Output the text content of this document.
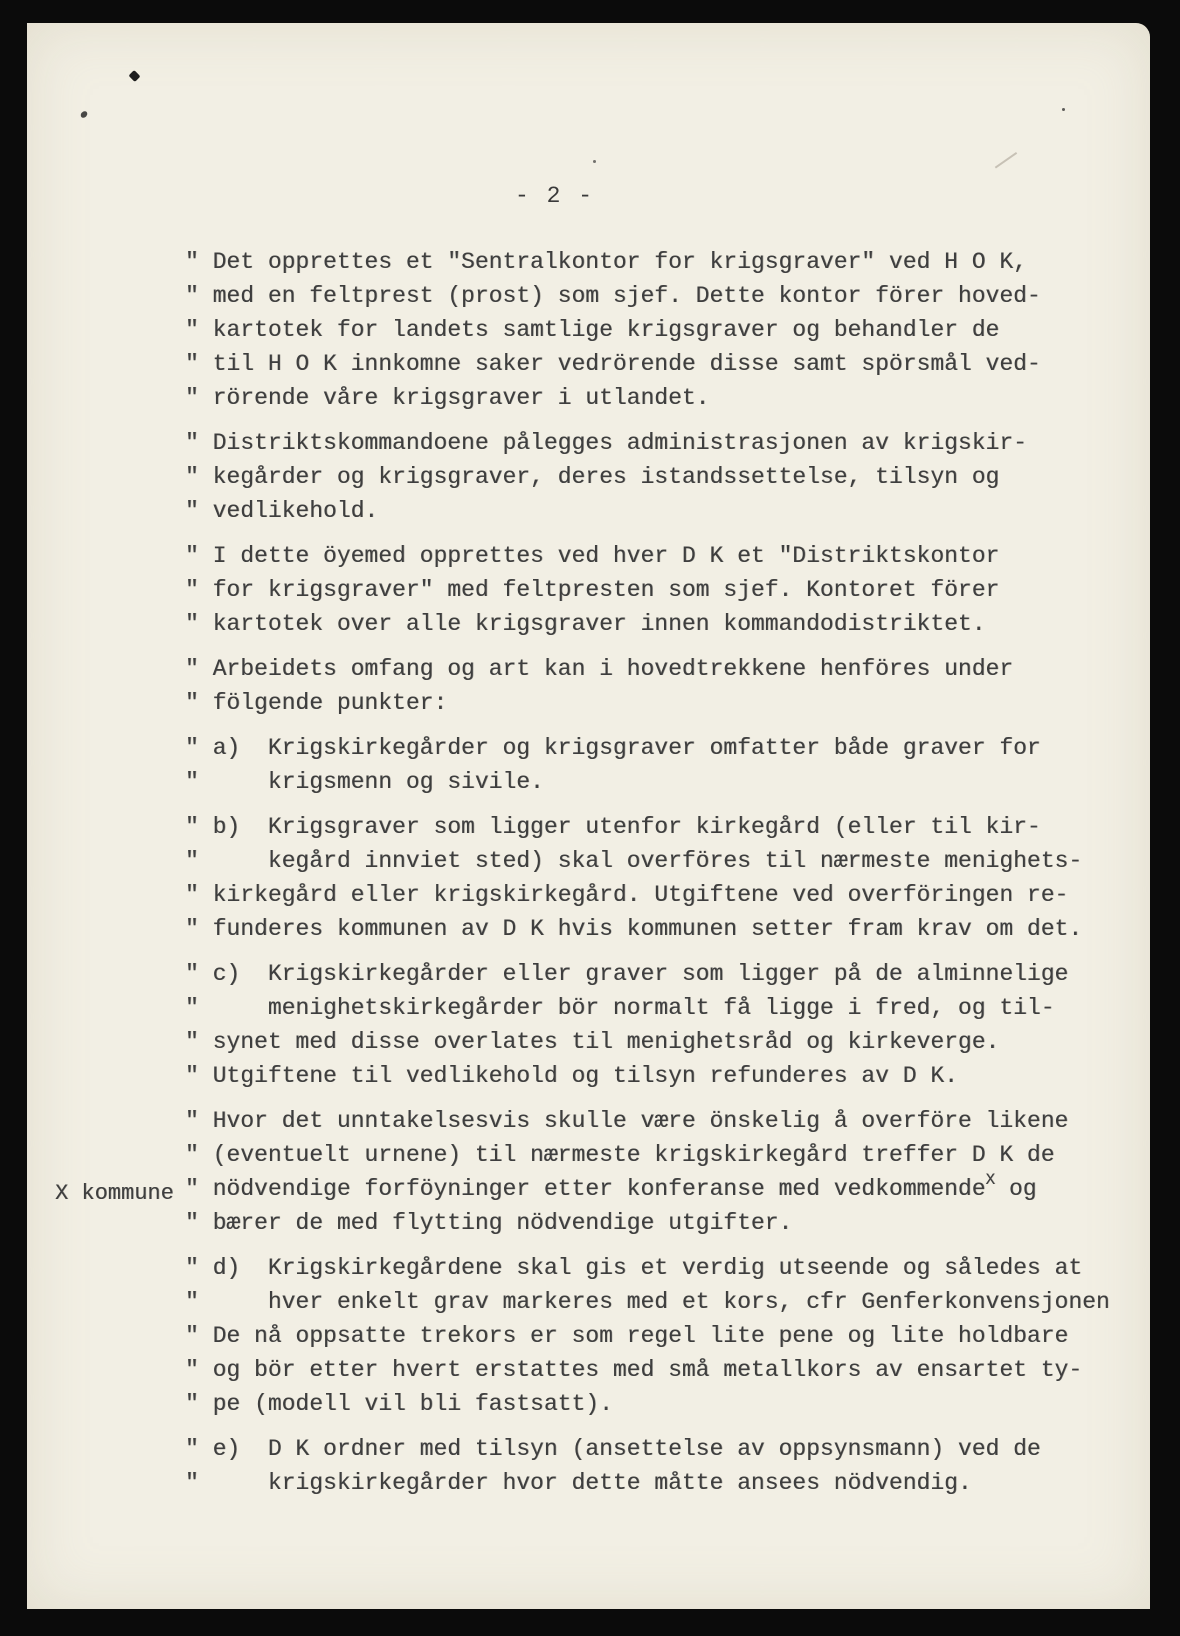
- 2 -
" Det opprettes et "Sentralkontor for krigsgraver" ved H O K,
" med en feltprest (prost) som sjef. Dette kontor förer hoved-
" kartotek for landets samtlige krigsgraver og behandler de
" til H O K innkomne saker vedrörende disse samt spörsmål ved-
" rörende våre krigsgraver i utlandet.
" Distriktskommandoene pålegges administrasjonen av krigskir-
" kegårder og krigsgraver, deres istandssettelse, tilsyn og
" vedlikehold.
" I dette öyemed opprettes ved hver D K et "Distriktskontor
" for krigsgraver" med feltpresten som sjef. Kontoret förer
" kartotek over alle krigsgraver innen kommandodistriktet.
" Arbeidets omfang og art kan i hovedtrekkene henföres under
" fölgende punkter:
" a)  Krigskirkegårder og krigsgraver omfatter både graver for
"     krigsmenn og sivile.
" b)  Krigsgraver som ligger utenfor kirkegård (eller til kir-
"     kegård innviet sted) skal overföres til nærmeste menighets-
" kirkegård eller krigskirkegård. Utgiftene ved overföringen re-
" funderes kommunen av D K hvis kommunen setter fram krav om det.
" c)  Krigskirkegårder eller graver som ligger på de alminnelige
"     menighetskirkegårder bör normalt få ligge i fred, og til-
" synet med disse overlates til menighetsråd og kirkeverge.
" Utgiftene til vedlikehold og tilsyn refunderes av D K.
" Hvor det unntakelsesvis skulle være önskelig å overföre likene
" (eventuelt urnene) til nærmeste krigskirkegård treffer D K de
X kommune " nödvendige forföyninger etter konferanse med vedkommende$^X$ og
" bærer de med flytting nödvendige utgifter.
" d)  Krigskirkegårdene skal gis et verdig utseende og således at
"     hver enkelt grav markeres med et kors, cfr Genferkonvensjonen
" De nå oppsatte trekors er som regel lite pene og lite holdbare
" og bör etter hvert erstattes med små metallkors av ensartet ty-
" pe (modell vil bli fastsatt).
" e)  D K ordner med tilsyn (ansettelse av oppsynsmann) ved de
"     krigskirkegårder hvor dette måtte ansees nödvendig.
